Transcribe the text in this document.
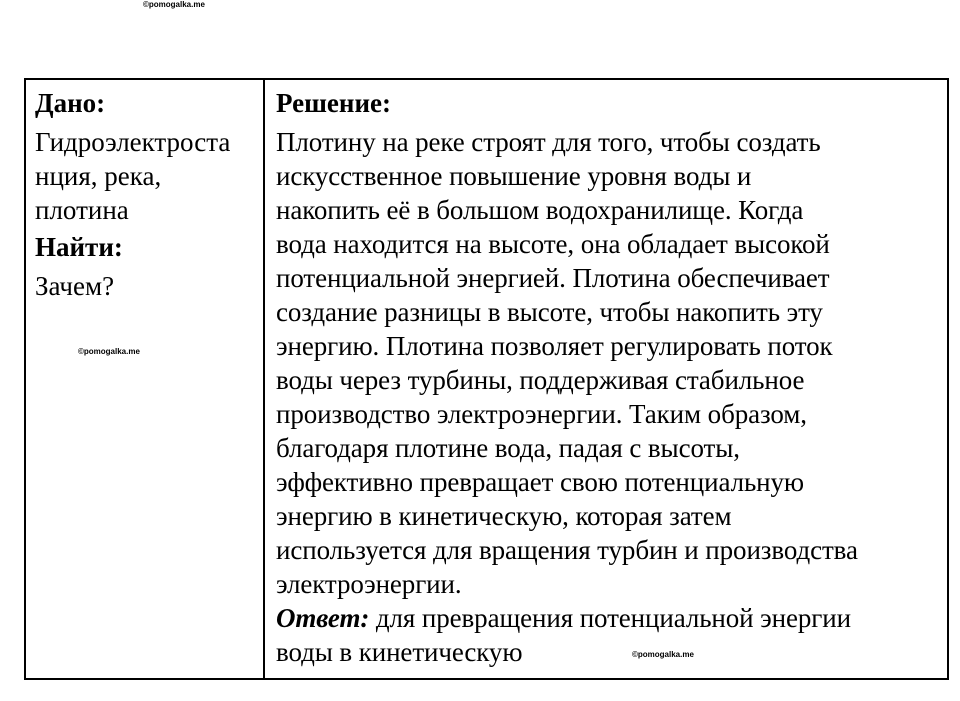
©pomogalka.me

Дано:

Гидроэлектроста
нция, река,
плотина

Найти:

Зачем?

Решение:

Плотину на реке строят для того, чтобы создать
искусственное повышение уровня воды и
накопить её в большом водохранилище. Когда
вода находится на высоте, она обладает высокой
потенциальной энергией. Плотина обеспечивает
создание разницы в высоте, чтобы накопить эту
энергию. Плотина позволяет регулировать поток
воды через турбины, поддерживая стабильное
производство электроэнергии. Таким образом,
благодаря плотине вода, падая с высоты,
эффективно превращает свою потенциальную
энергию в кинетическую, которая затем
используется для вращения турбин и производства
электроэнергии.
Ответ: для превращения потенциальной энергии
воды в кинетическую
©pomogalka.me
©pomogalka.me
